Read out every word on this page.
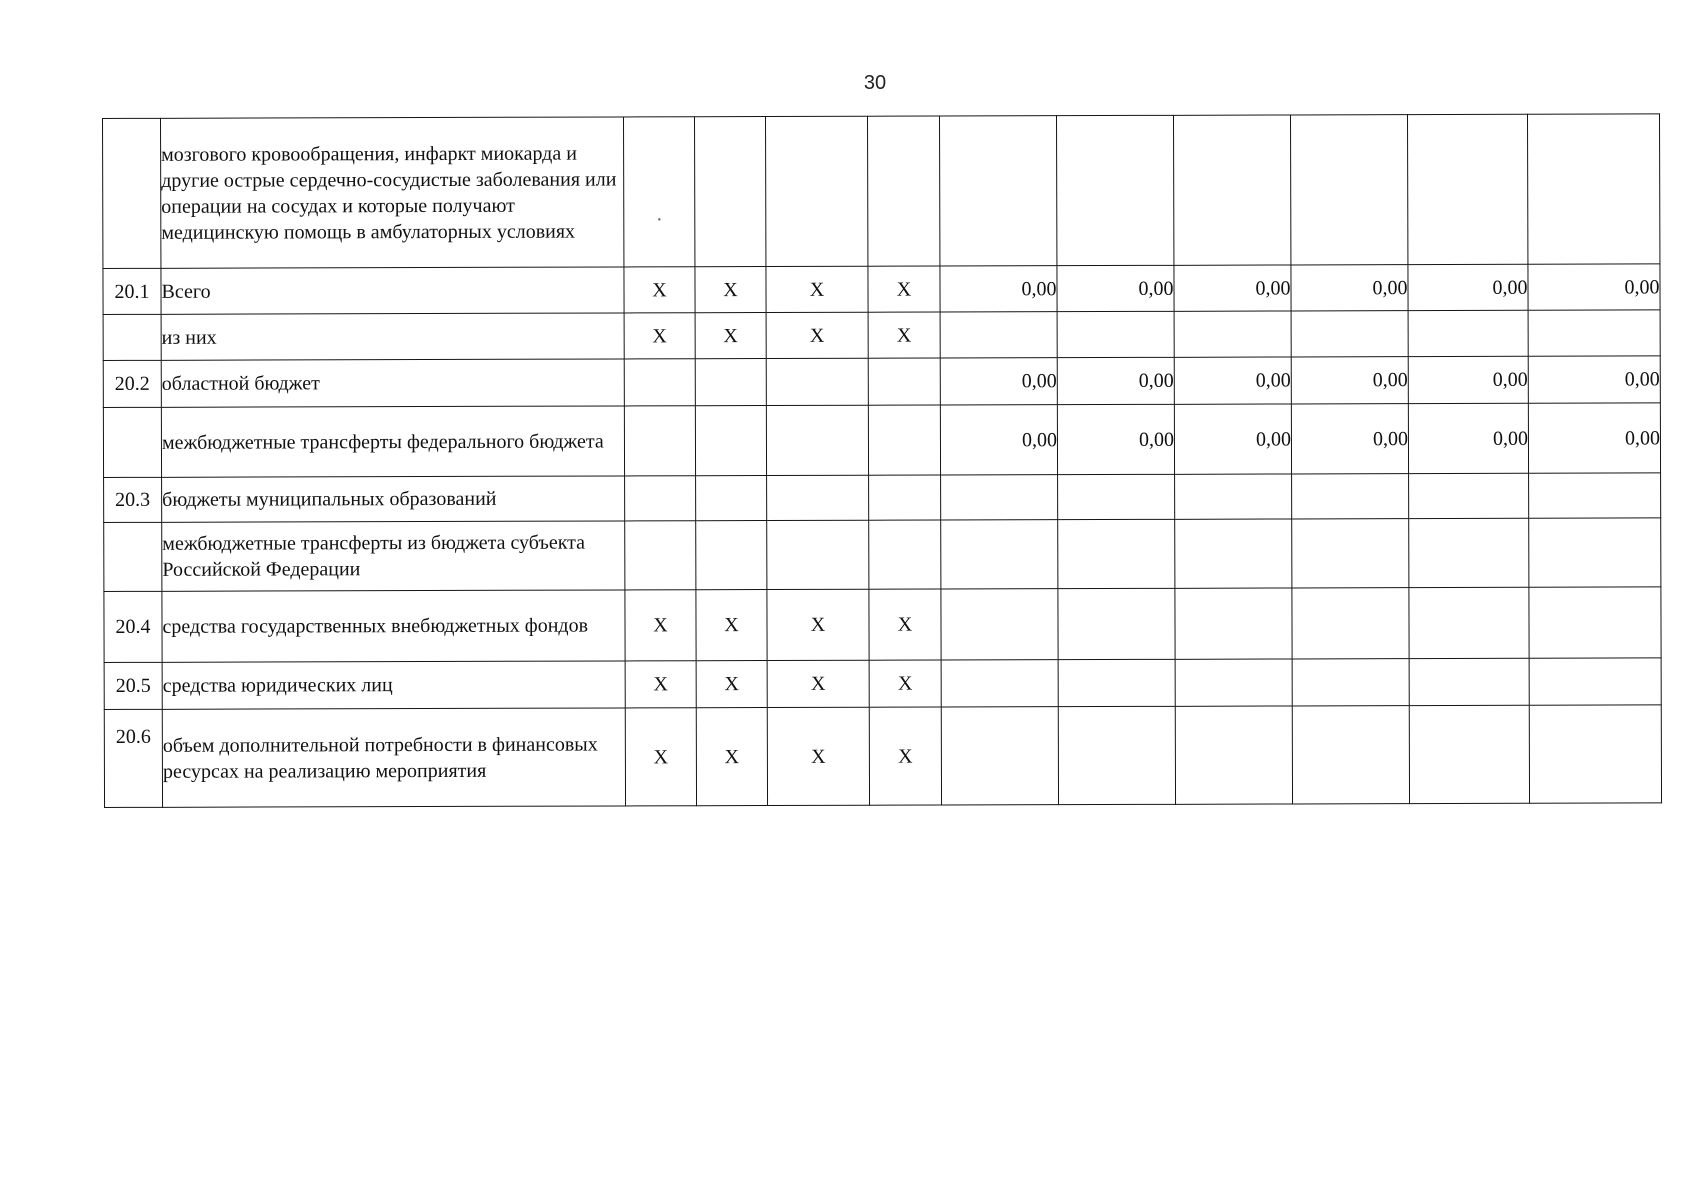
30
	мозгового кровообращения, инфаркт миокарда и другие острые сердечно-сосудистые заболевания или операции на сосудах и которые получают медицинскую помощь в амбулаторных условиях										
20.1	Всего	X	X	X	X	0,00	0,00	0,00	0,00	0,00	0,00
	из них	X	X	X	X						
20.2	областной бюджет					0,00	0,00	0,00	0,00	0,00	0,00
	межбюджетные трансферты федерального бюджета					0,00	0,00	0,00	0,00	0,00	0,00
20.3	бюджеты муниципальных образований										
	межбюджетные трансферты из бюджета субъекта Российской Федерации										
20.4	средства государственных внебюджетных фондов	X	X	X	X						
20.5	средства юридических лиц	X	X	X	X						
20.6	объем дополнительной потребности в финансовых ресурсах на реализацию мероприятия	X	X	X	X						
